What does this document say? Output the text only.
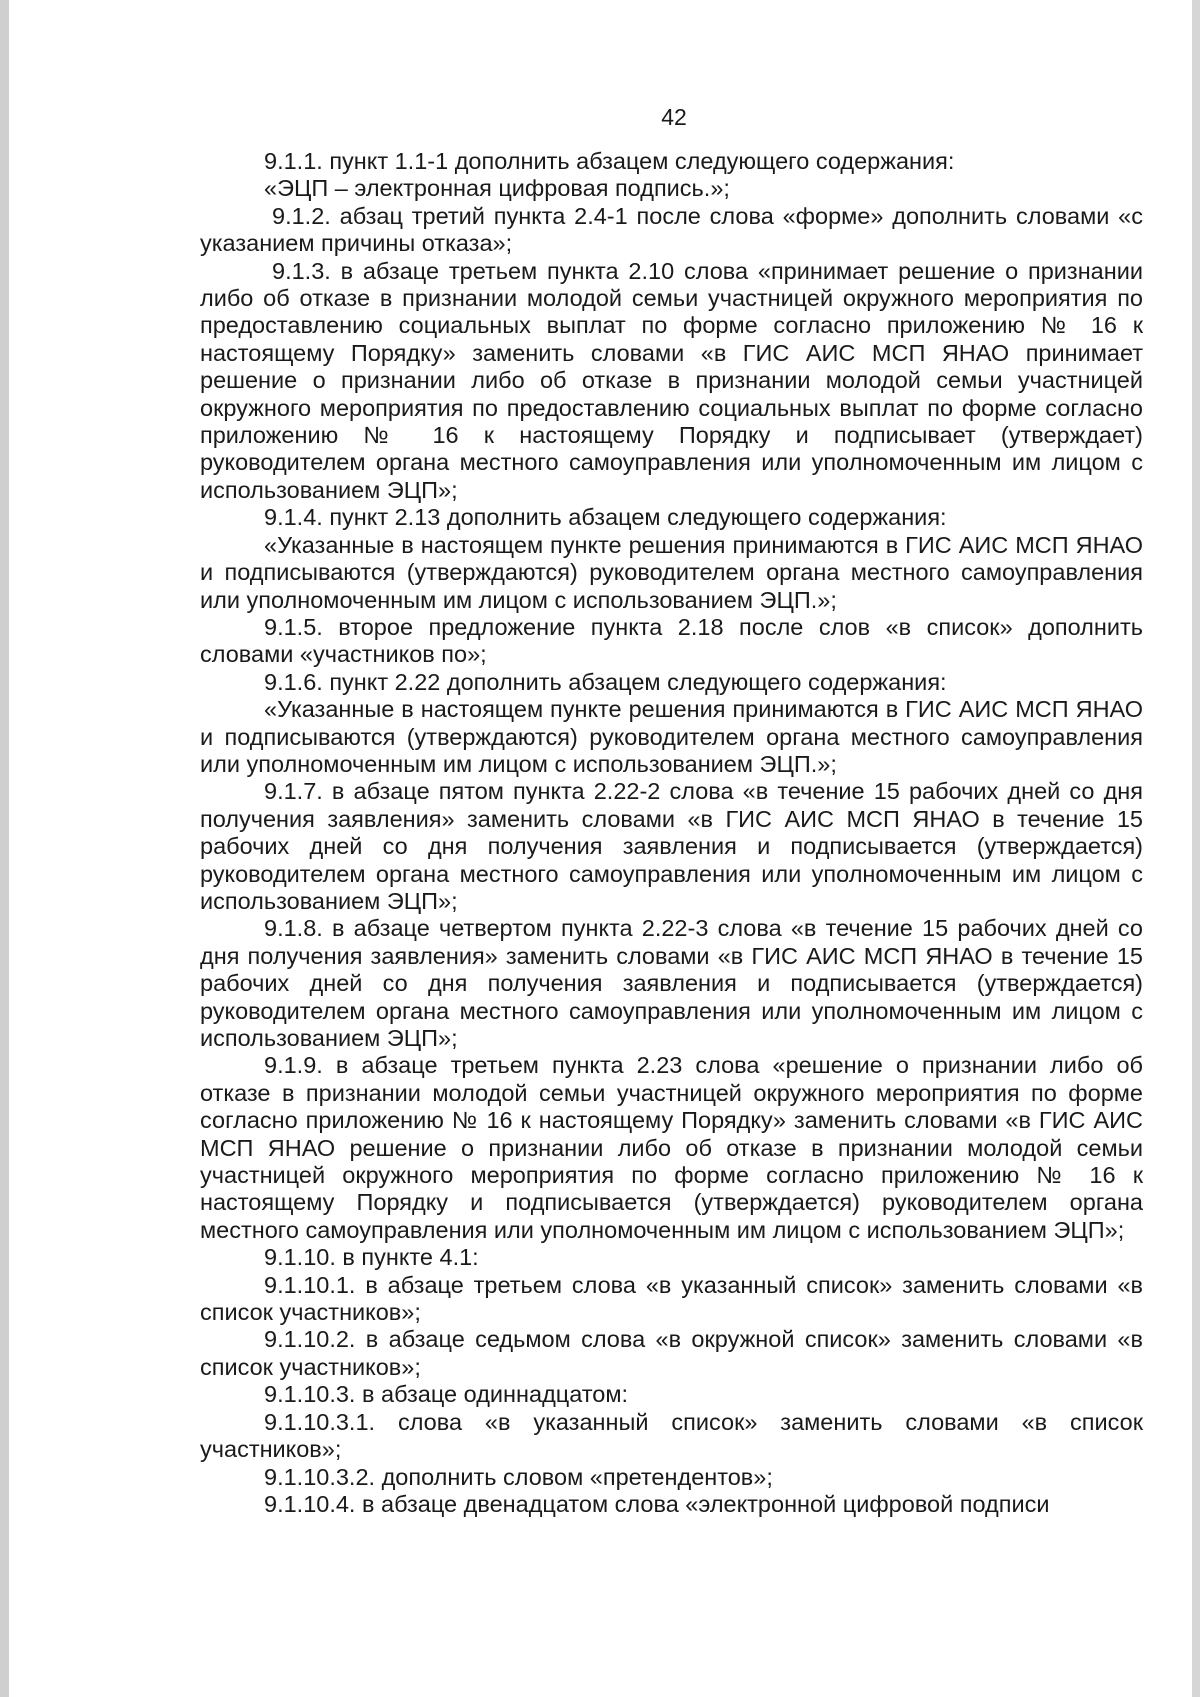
42

9.1.1. пункт 1.1-1 дополнить абзацем следующего содержания:

«ЭЦП – электронная цифровая подпись.»;

9.1.2. абзац третий пункта 2.4-1 после слова «форме» дополнить словами «с указанием причины отказа»;

9.1.3. в абзаце третьем пункта 2.10 слова «принимает решение о признании либо об отказе в признании молодой семьи участницей окружного мероприятия по предоставлению социальных выплат по форме согласно приложению № 16 к настоящему Порядку» заменить словами «в ГИС АИС МСП ЯНАО принимает решение о признании либо об отказе в признании молодой семьи участницей окружного мероприятия по предоставлению социальных выплат по форме согласно приложению № 16 к настоящему Порядку и подписывает (утверждает) руководителем органа местного самоуправления или уполномоченным им лицом с использованием ЭЦП»;

9.1.4. пункт 2.13 дополнить абзацем следующего содержания:

«Указанные в настоящем пункте решения принимаются в ГИС АИС МСП ЯНАО и подписываются (утверждаются) руководителем органа местного самоуправления или уполномоченным им лицом с использованием ЭЦП.»;

9.1.5. второе предложение пункта 2.18 после слов «в список» дополнить словами «участников по»;

9.1.6. пункт 2.22 дополнить абзацем следующего содержания:

«Указанные в настоящем пункте решения принимаются в ГИС АИС МСП ЯНАО и подписываются (утверждаются) руководителем органа местного самоуправления или уполномоченным им лицом с использованием ЭЦП.»;

9.1.7. в абзаце пятом пункта 2.22-2 слова «в течение 15 рабочих дней со дня получения заявления» заменить словами «в ГИС АИС МСП ЯНАО в течение 15 рабочих дней со дня получения заявления и подписывается (утверждается) руководителем органа местного самоуправления или уполномоченным им лицом с использованием ЭЦП»;

9.1.8. в абзаце четвертом пункта 2.22-3 слова «в течение 15 рабочих дней со дня получения заявления» заменить словами «в ГИС АИС МСП ЯНАО в течение 15 рабочих дней со дня получения заявления и подписывается (утверждается) руководителем органа местного самоуправления или уполномоченным им лицом с использованием ЭЦП»;

9.1.9. в абзаце третьем пункта 2.23 слова «решение о признании либо об отказе в признании молодой семьи участницей окружного мероприятия по форме согласно приложению № 16 к настоящему Порядку» заменить словами «в ГИС АИС МСП ЯНАО решение о признании либо об отказе в признании молодой семьи участницей окружного мероприятия по форме согласно приложению № 16 к настоящему Порядку и подписывается (утверждается) руководителем органа местного самоуправления или уполномоченным им лицом с использованием ЭЦП»;

9.1.10. в пункте 4.1:

9.1.10.1. в абзаце третьем слова «в указанный список» заменить словами «в список участников»;

9.1.10.2. в абзаце седьмом слова «в окружной список» заменить словами «в список участников»;

9.1.10.3. в абзаце одиннадцатом:

9.1.10.3.1. слова «в указанный список» заменить словами «в список участников»;

9.1.10.3.2. дополнить словом «претендентов»;

9.1.10.4. в абзаце двенадцатом слова «электронной цифровой подписи
